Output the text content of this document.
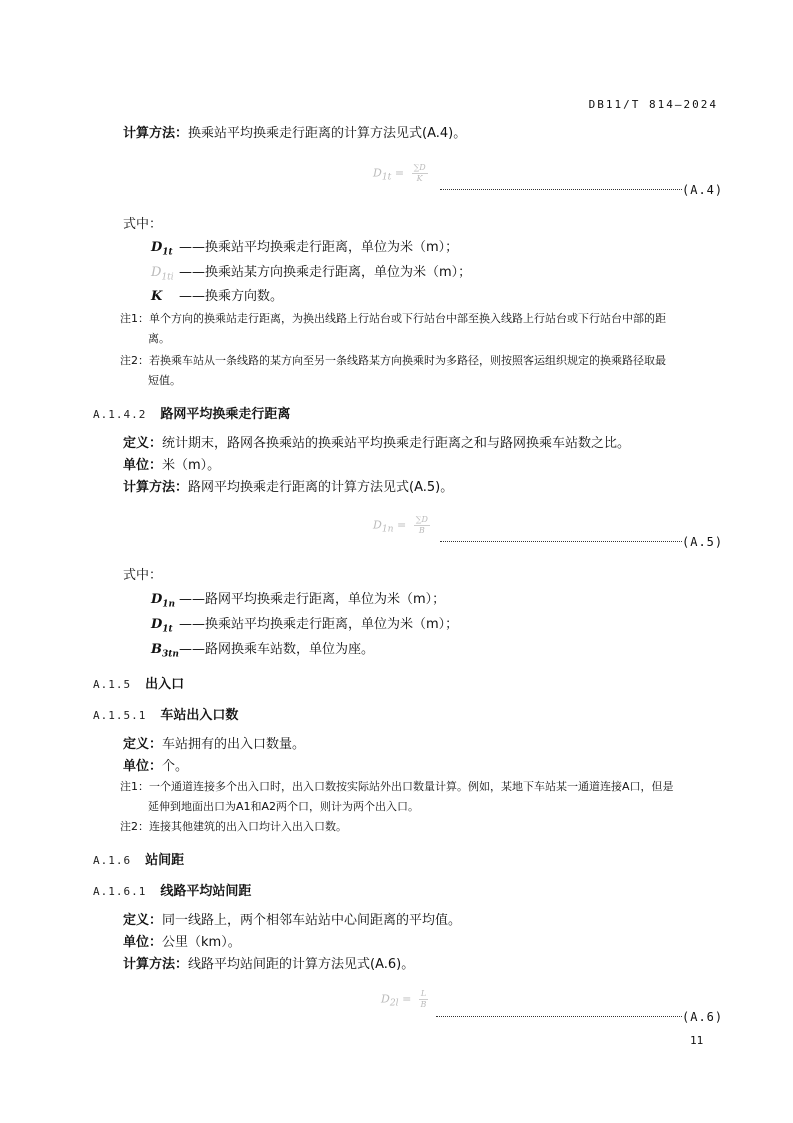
DB11/T 814—2024
计算方法：换乘站平均换乘走行距离的计算方法见式(A.4)。
$D_{1t} = \frac{\sum D}{K}$
(A.4)
式中：
$D_{1t}$ ——换乘站平均换乘走行距离，单位为米（m）；
$D_{1ti}$ ——换乘站某方向换乘走行距离，单位为米（m）；
K ——换乘方向数。
注1：单个方向的换乘站走行距离，为换出线路上行站台或下行站台中部至换入线路上行站台或下行站台中部的距
离。
注2：若换乘车站从一条线路的某方向至另一条线路某方向换乘时为多路径，则按照客运组织规定的换乘路径取最
短值。
A.1.4.2 路网平均换乘走行距离
定义：统计期末，路网各换乘站的换乘站平均换乘走行距离之和与路网换乘车站数之比。
单位：米（m）。
计算方法：路网平均换乘走行距离的计算方法见式(A.5)。
$D_{1n} = \frac{\sum D}{B}$
(A.5)
式中：
$D_{1n}$ ——路网平均换乘走行距离，单位为米（m）；
$D_{1t}$ ——换乘站平均换乘走行距离，单位为米（m）；
$B_{3tn}——$路网换乘车站数，单位为座。
A.1.5 出入口
A.1.5.1 车站出入口数
定义：车站拥有的出入口数量。
单位：个。
注1：一个通道连接多个出入口时，出入口数按实际站外出口数量计算。例如，某地下车站某一通道连接A口，但是
延伸到地面出口为A1和A2两个口，则计为两个出入口。
注2：连接其他建筑的出入口均计入出入口数。
A.1.6 站间距
A.1.6.1 线路平均站间距
定义：同一线路上，两个相邻车站站中心间距离的平均值。
单位：公里（km）。
计算方法：线路平均站间距的计算方法见式(A.6)。
$D_{2l} = \frac{L}{B}$
(A.6)
11
